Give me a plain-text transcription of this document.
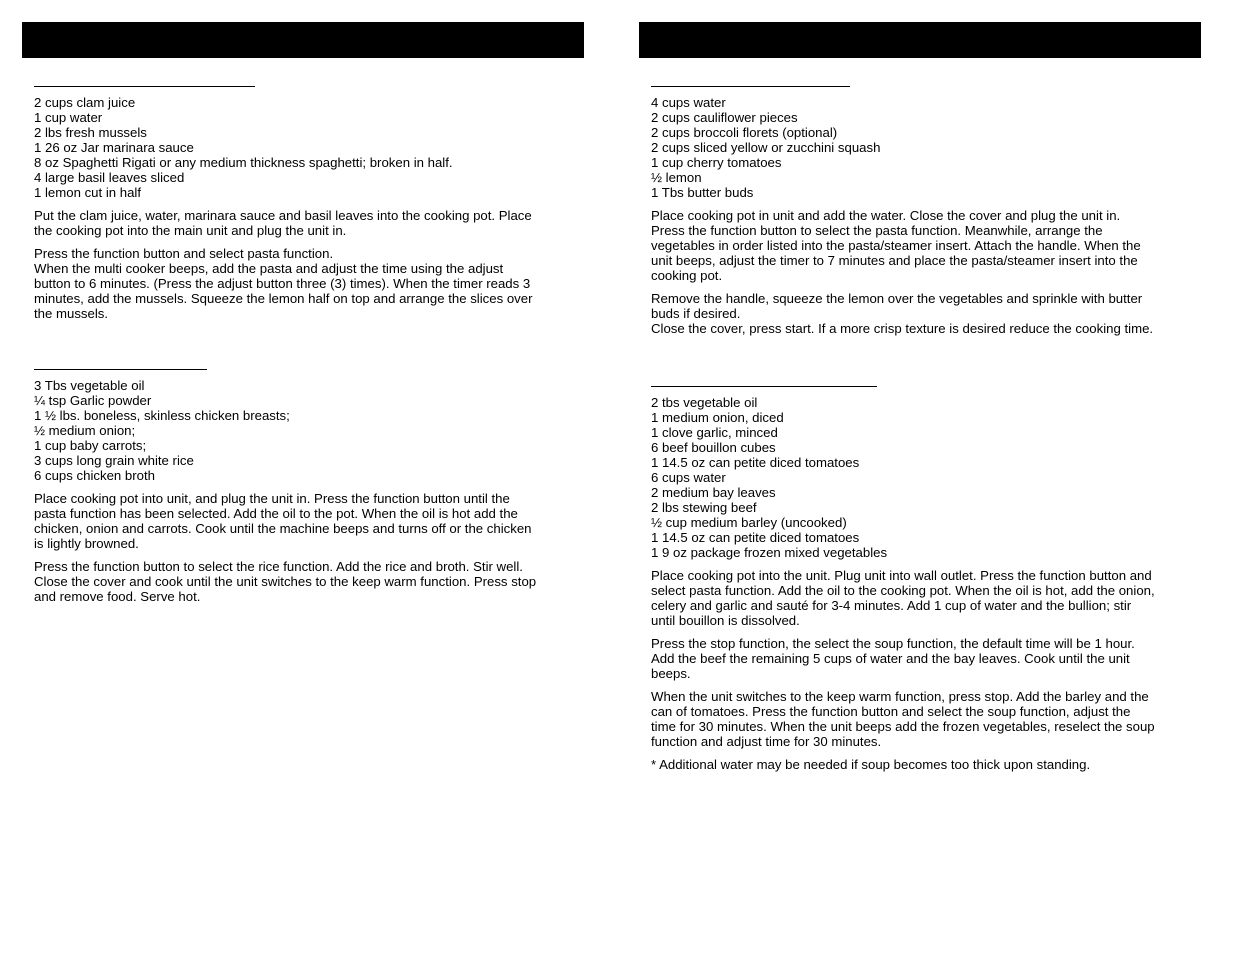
2 cups clam juice
1 cup water
2 lbs fresh mussels
1 26 oz Jar marinara sauce
8 oz Spaghetti Rigati or any medium thickness spaghetti; broken in half.
4 large basil leaves sliced
1 lemon cut in half
Put the clam juice, water, marinara sauce and basil leaves into the cooking pot. Place
the cooking pot into the main unit and plug the unit in.
Press the function button and select pasta function.
When the multi cooker beeps, add the pasta and adjust the time using the adjust
button to 6 minutes. (Press the adjust button three (3) times). When the timer reads 3
minutes, add the mussels. Squeeze the lemon half on top and arrange the slices over
the mussels.
3 Tbs vegetable oil
¼ tsp Garlic powder
1 ½ lbs. boneless, skinless chicken breasts;
½ medium onion;
1 cup baby carrots;
3 cups long grain white rice
6 cups chicken broth
Place cooking pot into unit, and plug the unit in. Press the function button until the
pasta function has been selected. Add the oil to the pot. When the oil is hot add the
chicken, onion and carrots. Cook until the machine beeps and turns off or the chicken
is lightly browned.
Press the function button to select the rice function. Add the rice and broth. Stir well.
Close the cover and cook until the unit switches to the keep warm function. Press stop
and remove food. Serve hot.
4 cups water
2 cups cauliflower pieces
2 cups broccoli florets (optional)
2 cups sliced yellow or zucchini squash
1 cup cherry tomatoes
½ lemon
1 Tbs butter buds
Place cooking pot in unit and add the water. Close the cover and plug the unit in.
Press the function button to select the pasta function. Meanwhile, arrange the
vegetables in order listed into the pasta/steamer insert. Attach the handle. When the
unit beeps, adjust the timer to 7 minutes and place the pasta/steamer insert into the
cooking pot.
Remove the handle, squeeze the lemon over the vegetables and sprinkle with butter
buds if desired.
Close the cover, press start. If a more crisp texture is desired reduce the cooking time.
2 tbs vegetable oil
1 medium onion, diced
1 clove garlic, minced
6 beef bouillon cubes
1 14.5 oz can petite diced tomatoes
6 cups water
2 medium bay leaves
2 lbs stewing beef
½ cup medium barley (uncooked)
1 14.5 oz can petite diced tomatoes
1 9 oz package frozen mixed vegetables
Place cooking pot into the unit. Plug unit into wall outlet. Press the function button and
select pasta function. Add the oil to the cooking pot. When the oil is hot, add the onion,
celery and garlic and sauté for 3-4 minutes. Add 1 cup of water and the bullion; stir
until bouillon is dissolved.
Press the stop function, the select the soup function, the default time will be 1 hour.
Add the beef the remaining 5 cups of water and the bay leaves. Cook until the unit
beeps.
When the unit switches to the keep warm function, press stop. Add the barley and the
can of tomatoes. Press the function button and select the soup function, adjust the
time for 30 minutes. When the unit beeps add the frozen vegetables, reselect the soup
function and adjust time for 30 minutes.
* Additional water may be needed if soup becomes too thick upon standing.
